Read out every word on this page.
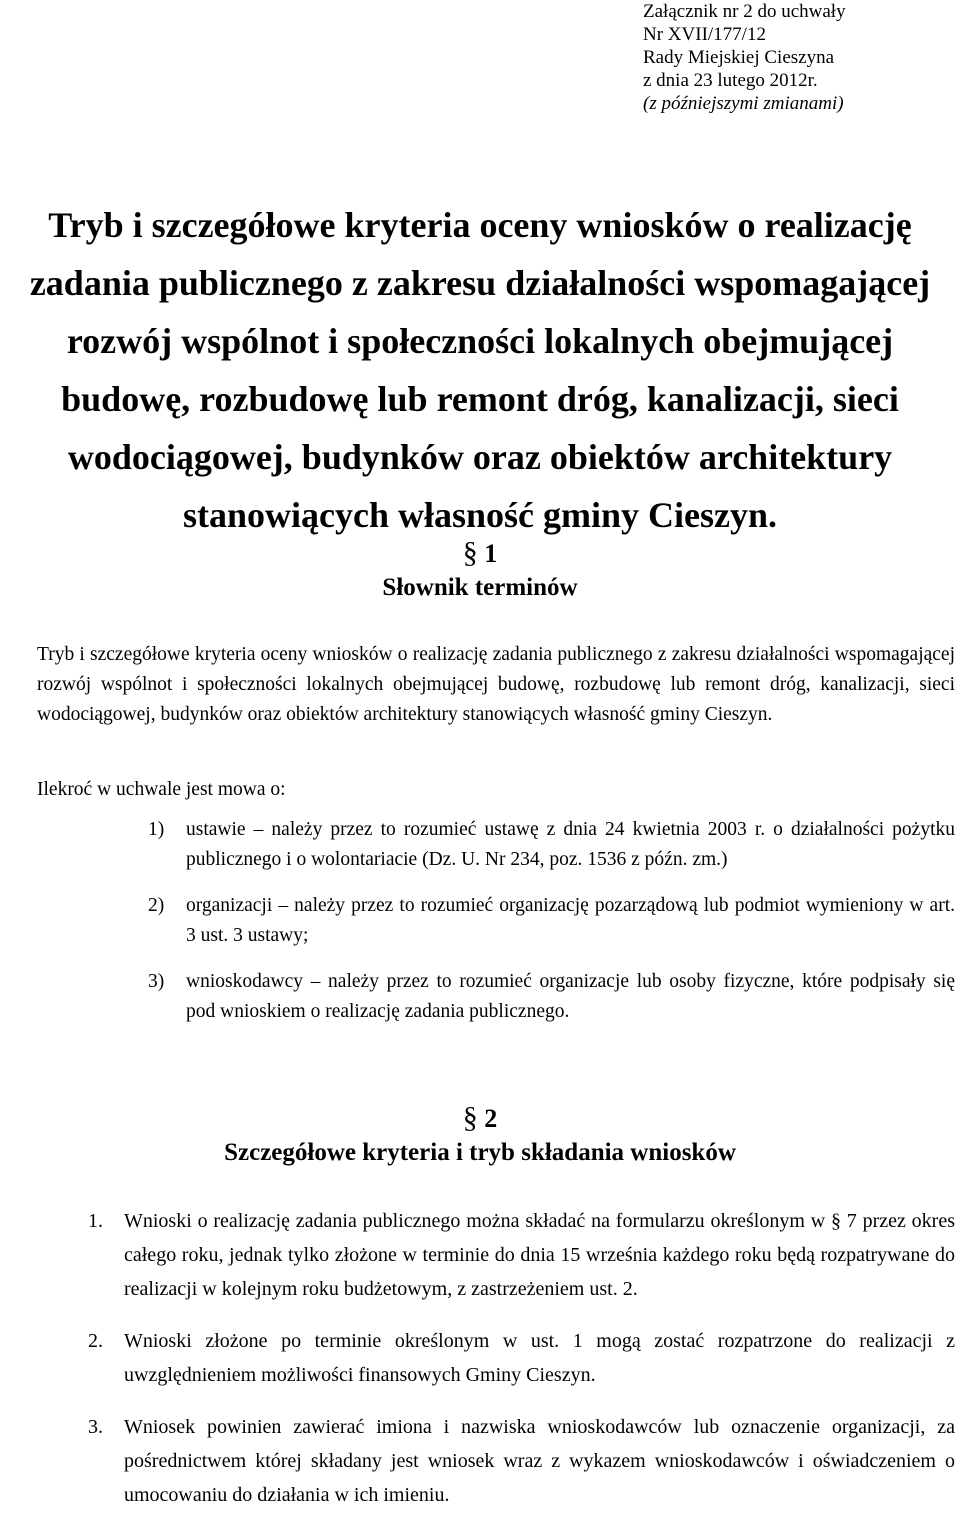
Załącznik nr 2 do uchwały
Nr XVII/177/12
Rady Miejskiej Cieszyna
z dnia 23 lutego 2012r.
(z późniejszymi zmianami)
Tryb i szczegółowe kryteria oceny wniosków o realizację
zadania publicznego z zakresu działalności wspomagającej
rozwój wspólnot i społeczności lokalnych obejmującej
budowę, rozbudowę lub remont dróg, kanalizacji, sieci
wodociągowej, budynków oraz obiektów architektury
stanowiących własność gminy Cieszyn.
§ 1
Słownik terminów
Tryb i szczegółowe kryteria oceny wniosków o realizację zadania publicznego z zakresu działalności wspomagającej rozwój wspólnot i społeczności lokalnych obejmującej budowę, rozbudowę lub remont dróg, kanalizacji, sieci wodociągowej, budynków oraz obiektów architektury stanowiących własność gminy Cieszyn.
Ilekroć w uchwale jest mowa o:
1) ustawie – należy przez to rozumieć ustawę z dnia 24 kwietnia 2003 r. o działalności pożytku publicznego i o wolontariacie (Dz. U. Nr 234, poz. 1536 z późn. zm.)
2) organizacji – należy przez to rozumieć organizację pozarządową lub podmiot wymieniony w art. 3 ust. 3 ustawy;
3) wnioskodawcy – należy przez to rozumieć organizacje lub osoby fizyczne, które podpisały się pod wnioskiem o realizację zadania publicznego.
§ 2
Szczegółowe kryteria i tryb składania wniosków
1. Wnioski o realizację zadania publicznego można składać na formularzu określonym w § 7 przez okres całego roku, jednak tylko złożone w terminie do dnia 15 września każdego roku będą rozpatrywane do realizacji w kolejnym roku budżetowym, z zastrzeżeniem ust. 2.
2. Wnioski złożone po terminie określonym w ust. 1 mogą zostać rozpatrzone do realizacji z uwzględnieniem możliwości finansowych Gminy Cieszyn.
3. Wniosek powinien zawierać imiona i nazwiska wnioskodawców lub oznaczenie organizacji, za pośrednictwem której składany jest wniosek wraz z wykazem wnioskodawców i oświadczeniem o umocowaniu do działania w ich imieniu.
